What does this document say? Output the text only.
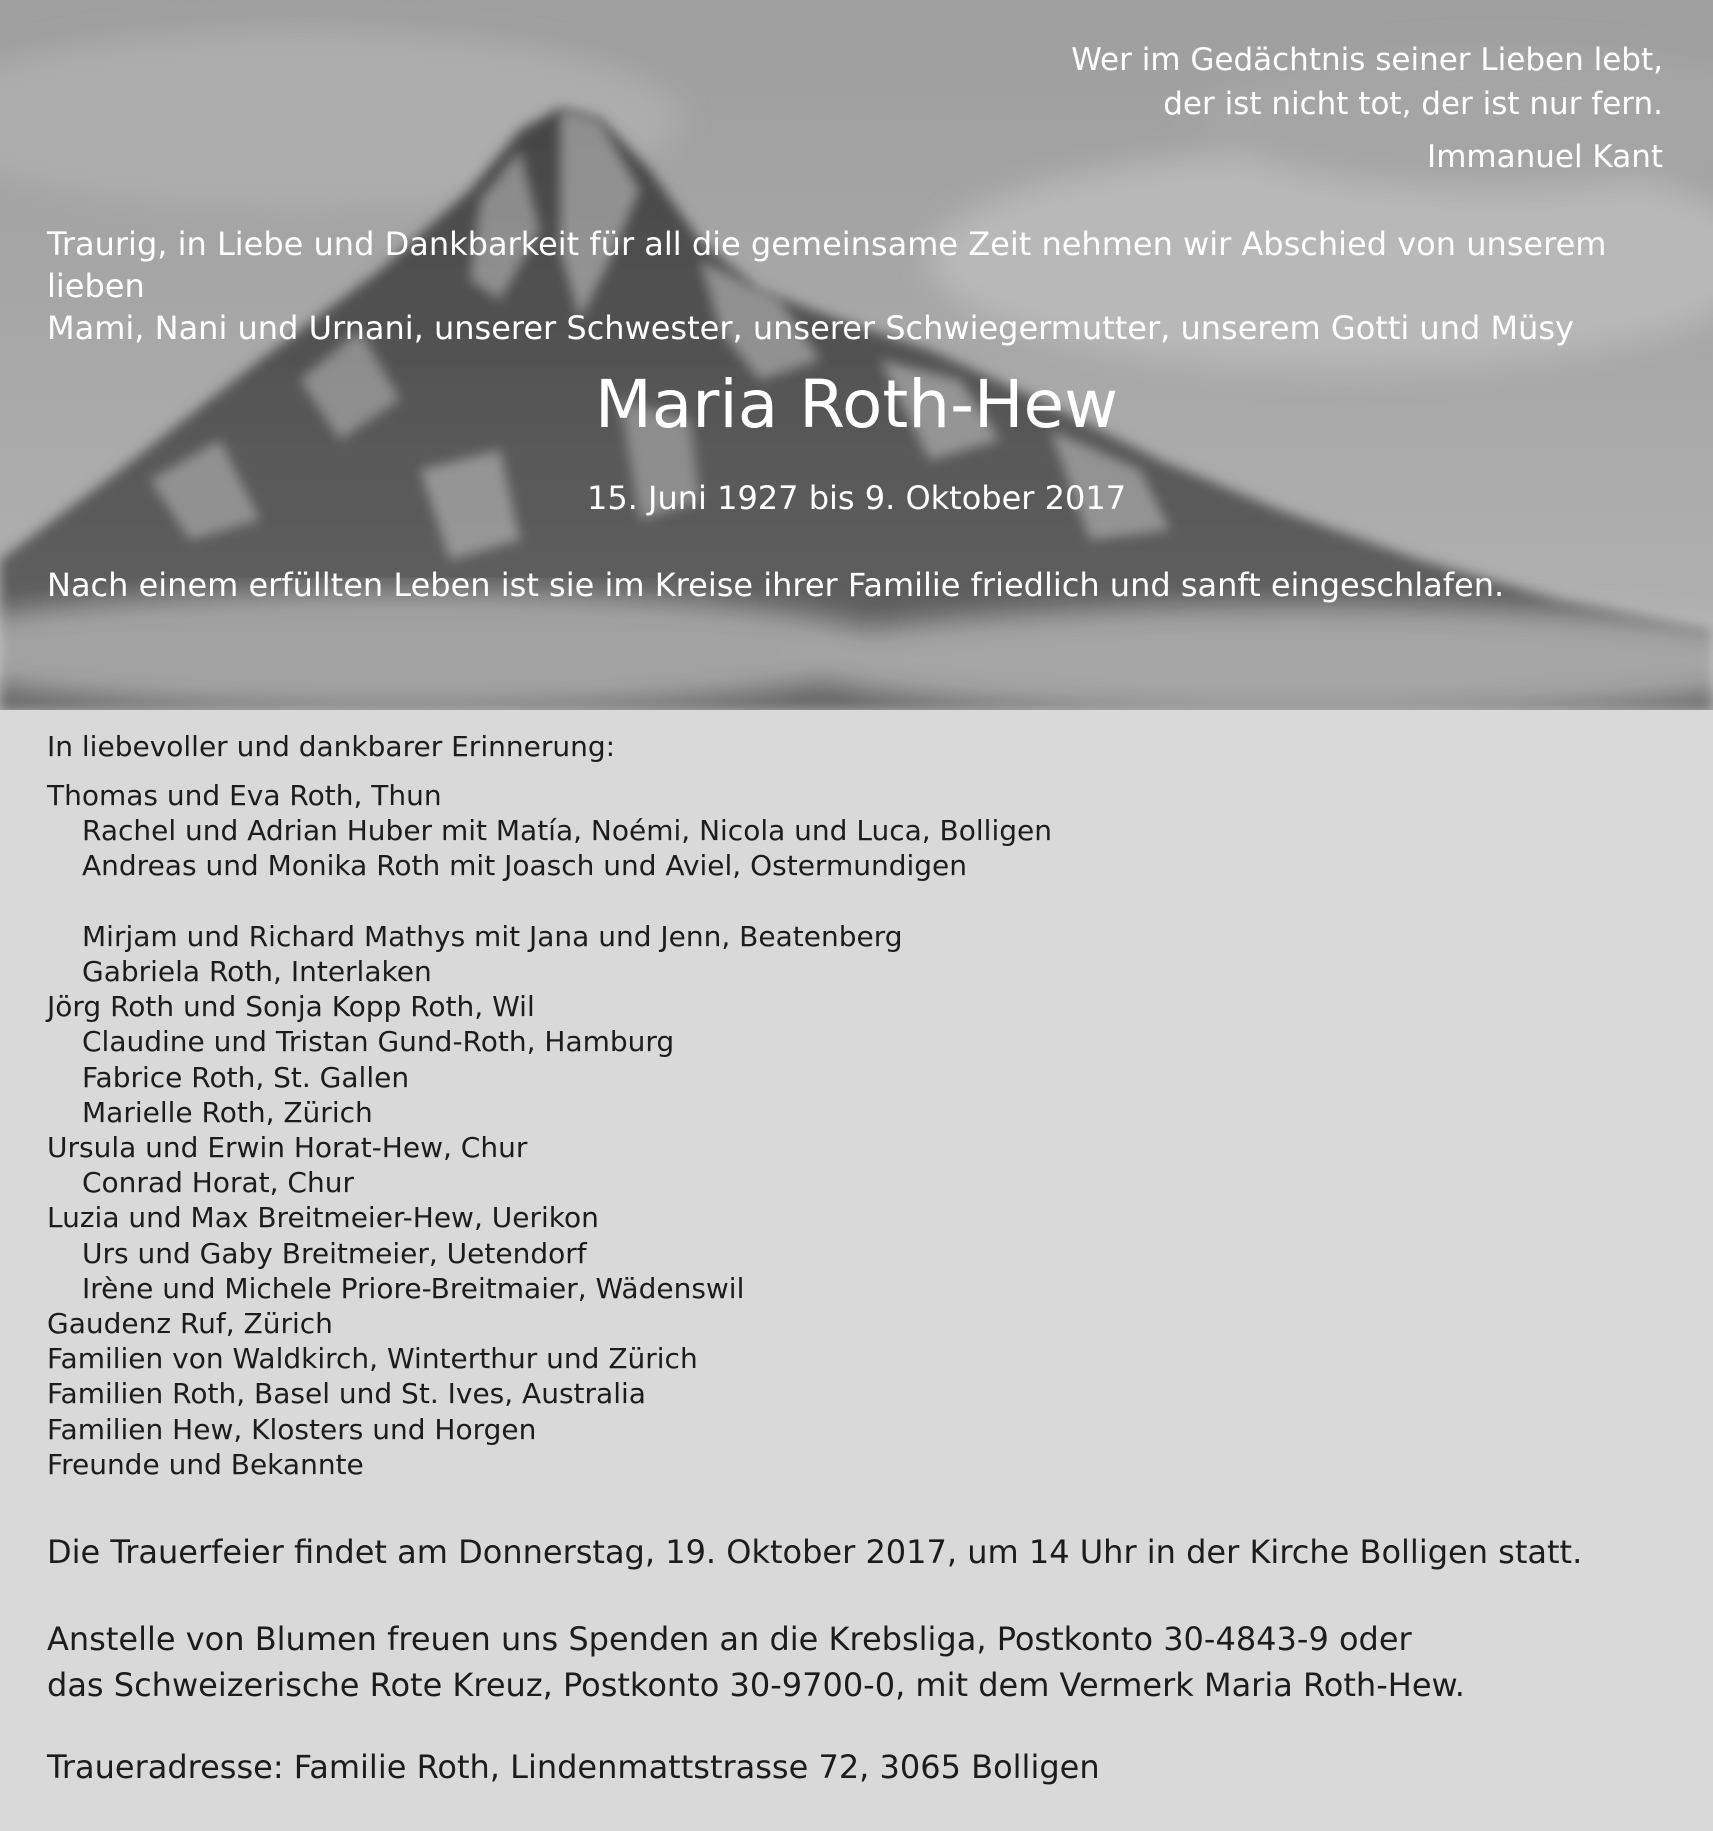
Wer im Gedächtnis seiner Lieben lebt,
der ist nicht tot, der ist nur fern.
Immanuel Kant
Traurig, in Liebe und Dankbarkeit für all die gemeinsame Zeit nehmen wir Abschied von unserem lieben
Mami, Nani und Urnani, unserer Schwester, unserer Schwiegermutter, unserem Gotti und Müsy
Maria Roth-Hew
15. Juni 1927 bis 9. Oktober 2017
Nach einem erfüllten Leben ist sie im Kreise ihrer Familie friedlich und sanft eingeschlafen.
In liebevoller und dankbarer Erinnerung:
Thomas und Eva Roth, Thun
Rachel und Adrian Huber mit Matía, Noémi, Nicola und Luca, Bolligen
Andreas und Monika Roth mit Joasch und Aviel, Ostermundigen
Mirjam und Richard Mathys mit Jana und Jenn, Beatenberg
Gabriela Roth, Interlaken
Jörg Roth und Sonja Kopp Roth, Wil
Claudine und Tristan Gund-Roth, Hamburg
Fabrice Roth, St. Gallen
Marielle Roth, Zürich
Ursula und Erwin Horat-Hew, Chur
Conrad Horat, Chur
Luzia und Max Breitmeier-Hew, Uerikon
Urs und Gaby Breitmeier, Uetendorf
Irène und Michele Priore-Breitmaier, Wädenswil
Gaudenz Ruf, Zürich
Familien von Waldkirch, Winterthur und Zürich
Familien Roth, Basel und St. Ives, Australia
Familien Hew, Klosters und Horgen
Freunde und Bekannte
Die Trauerfeier findet am Donnerstag, 19. Oktober 2017, um 14 Uhr in der Kirche Bolligen statt.
Anstelle von Blumen freuen uns Spenden an die Krebsliga, Postkonto 30-4843-9 oder
das Schweizerische Rote Kreuz, Postkonto 30-9700-0, mit dem Vermerk Maria Roth-Hew.
Traueradresse: Familie Roth, Lindenmattstrasse 72, 3065 Bolligen
